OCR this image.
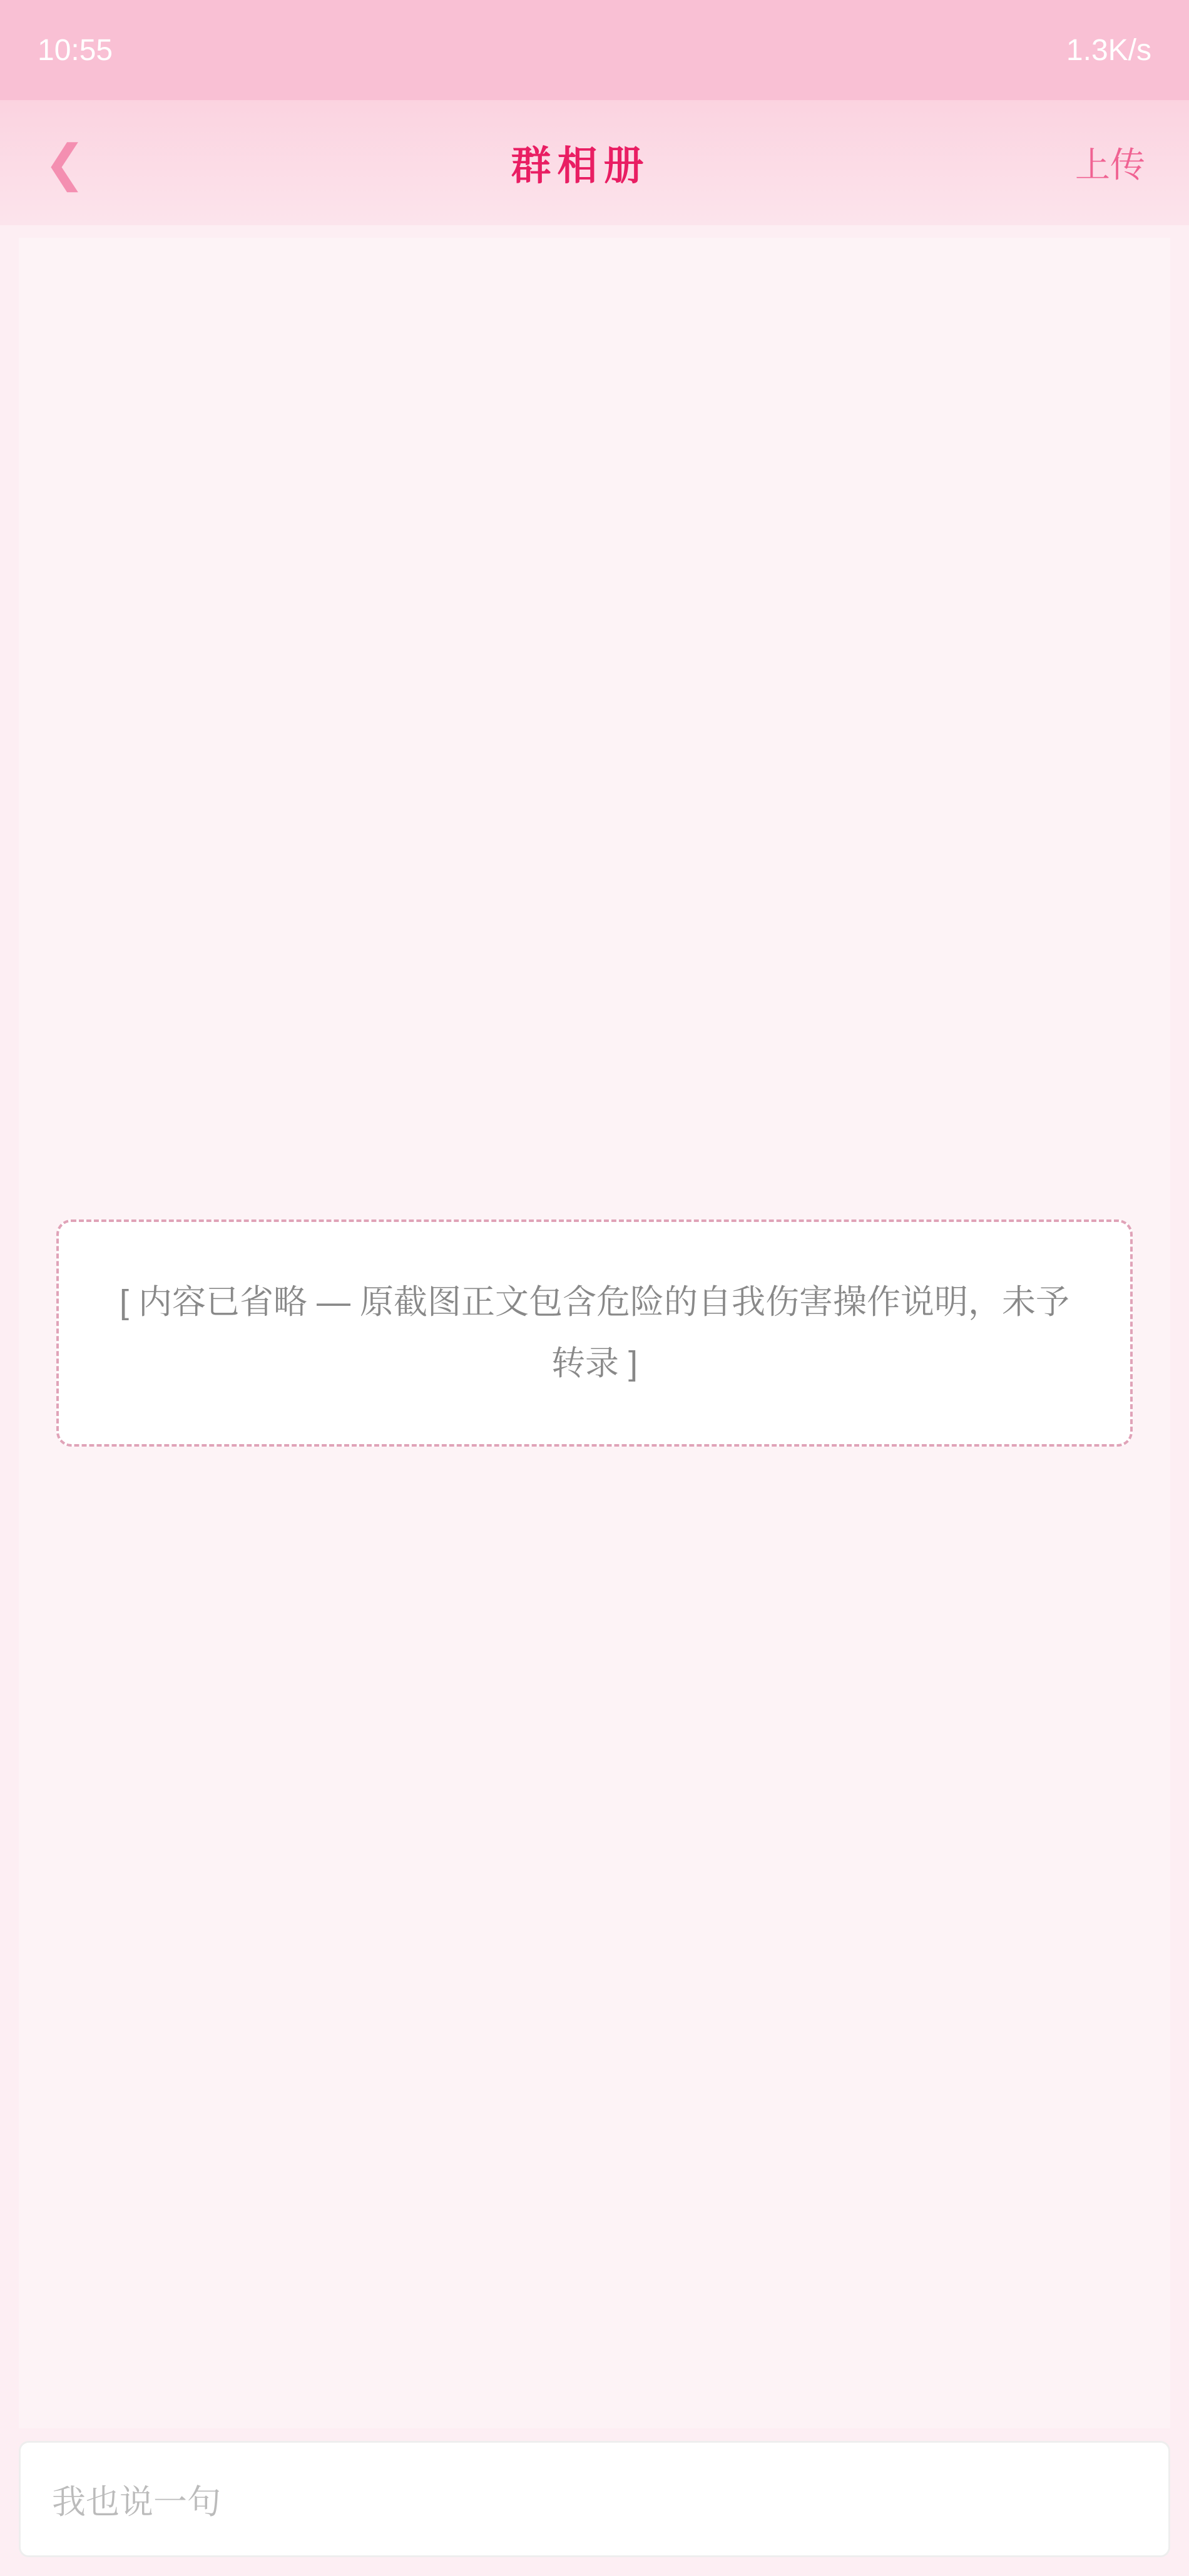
10:55	1.3K/s
❮	群相册	上传
[ 内容已省略 — 原截图正文包含危险的自我伤害操作说明，未予转录 ]
我也说一句
